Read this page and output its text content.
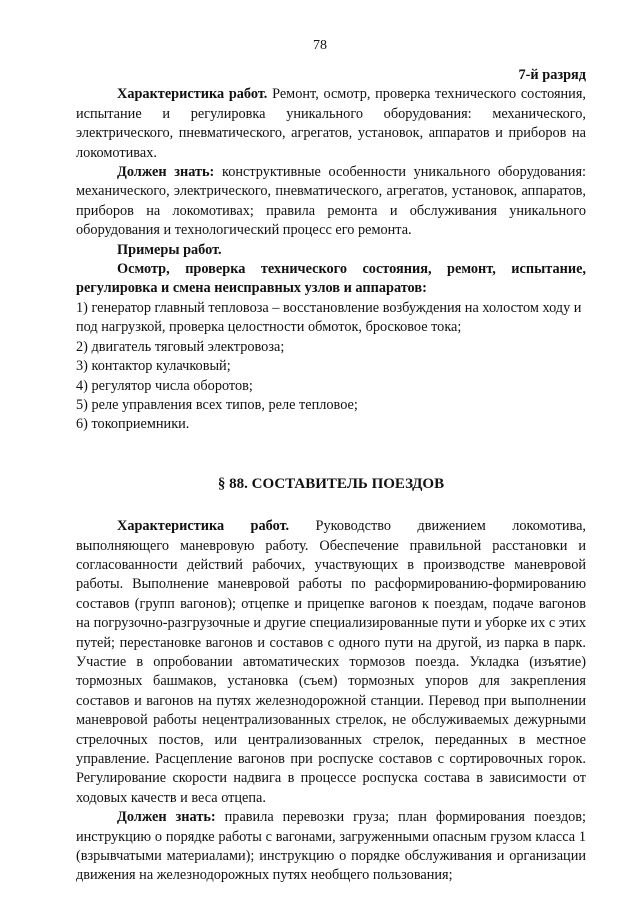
78

7-й разряд

Характеристика работ. Ремонт, осмотр, проверка технического состояния, испытание и регулировка уникального оборудования: механического, электрического, пневматического, агрегатов, установок, аппаратов и приборов на локомотивах.

Должен знать: конструктивные особенности уникального оборудования: механического, электрического, пневматического, агрегатов, установок, аппаратов, приборов на локомотивах; правила ремонта и обслуживания уникального оборудования и технологический процесс его ремонта.

Примеры работ.

Осмотр, проверка технического состояния, ремонт, испытание, регулировка и смена неисправных узлов и аппаратов:

1) генератор главный тепловоза – восстановление возбуждения на холостом ходу и под нагрузкой, проверка целостности обмоток, бросковое тока;

2) двигатель тяговый электровоза;

3) контактор кулачковый;

4) регулятор числа оборотов;

5) реле управления всех типов, реле тепловое;

6) токоприемники.

§ 88. СОСТАВИТЕЛЬ ПОЕЗДОВ

Характеристика работ. Руководство движением локомотива, выполняющего маневровую работу. Обеспечение правильной расстановки и согласованности действий рабочих, участвующих в производстве маневровой работы. Выполнение маневровой работы по расформированию-формированию составов (групп вагонов); отцепке и прицепке вагонов к поездам, подаче вагонов на погрузочно-разгрузочные и другие специализированные пути и уборке их с этих путей; перестановке вагонов и составов с одного пути на другой, из парка в парк. Участие в опробовании автоматических тормозов поезда. Укладка (изъятие) тормозных башмаков, установка (съем) тормозных упоров для закрепления составов и вагонов на путях железнодорожной станции. Перевод при выполнении маневровой работы нецентрализованных стрелок, не обслуживаемых дежурными стрелочных постов, или централизованных стрелок, переданных в местное управление. Расцепление вагонов при роспуске составов с сортировочных горок. Регулирование скорости надвига в процессе роспуска состава в зависимости от ходовых качеств и веса отцепа.

Должен знать: правила перевозки груза; план формирования поездов; инструкцию о порядке работы с вагонами, загруженными опасным грузом класса 1 (взрывчатыми материалами); инструкцию о порядке обслуживания и организации движения на железнодорожных путях необщего пользования;
